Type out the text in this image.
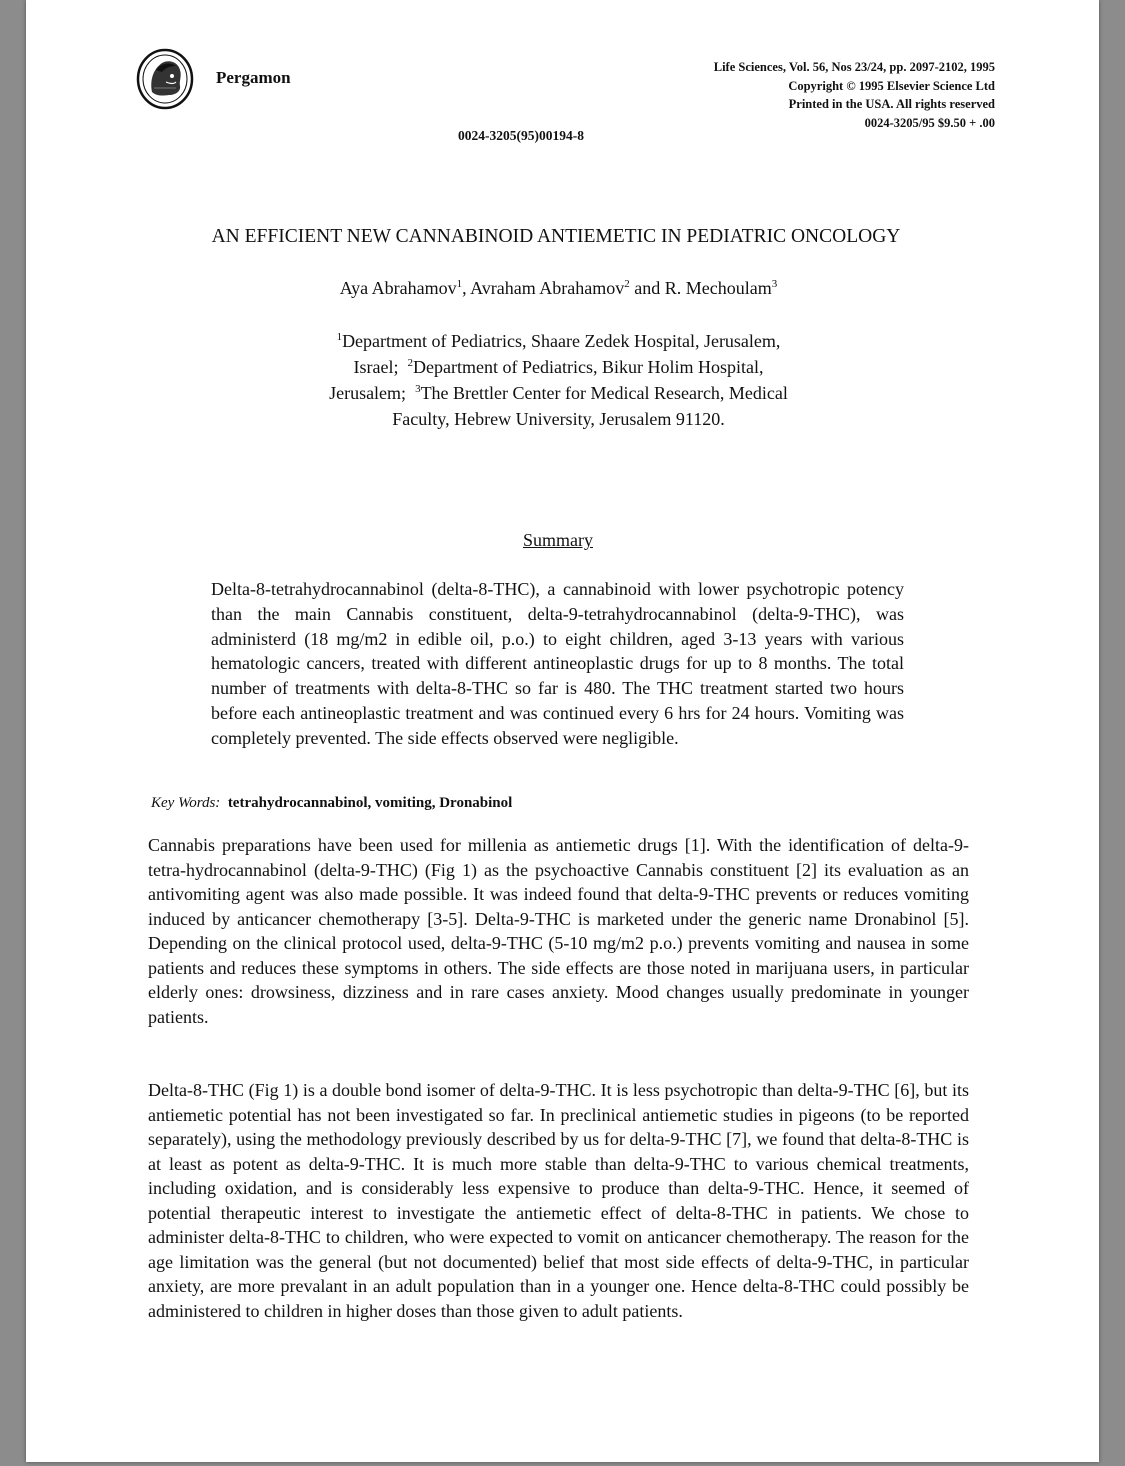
Pergamon
Life Sciences, Vol. 56, Nos 23/24, pp. 2097-2102, 1995
Copyright © 1995 Elsevier Science Ltd
Printed in the USA. All rights reserved
0024-3205/95 $9.50 + .00
0024-3205(95)00194-8
AN EFFICIENT NEW CANNABINOID ANTIEMETIC IN PEDIATRIC ONCOLOGY
Aya Abrahamov$^1$, Avraham Abrahamov$^2$ and R. Mechoulam$^3$
$^1$Department of Pediatrics, Shaare Zedek Hospital, Jerusalem,
Israel; $^2$Department of Pediatrics, Bikur Holim Hospital,
Jerusalem; $^3$The Brettler Center for Medical Research, Medical
Faculty, Hebrew University, Jerusalem 91120.
Summary
Delta-8-tetrahydrocannabinol (delta-8-THC), a cannabinoid with lower psychotropic potency than the main Cannabis constituent, delta-9-tetrahydrocannabinol (delta-9-THC), was administerd (18 mg/m2 in edible oil, p.o.) to eight children, aged 3-13 years with various hematologic cancers, treated with different antineoplastic drugs for up to 8 months. The total number of treatments with delta-8-THC so far is 480. The THC treatment started two hours before each antineoplastic treatment and was continued every 6 hrs for 24 hours. Vomiting was completely prevented. The side effects observed were negligible.
Key Words: tetrahydrocannabinol, vomiting, Dronabinol
Cannabis preparations have been used for millenia as antiemetic drugs [1]. With the identification of delta-9-tetra-hydrocannabinol (delta-9-THC) (Fig 1) as the psychoactive Cannabis constituent [2] its evaluation as an antivomiting agent was also made possible. It was indeed found that delta-9-THC prevents or reduces vomiting induced by anticancer chemotherapy [3-5]. Delta-9-THC is marketed under the generic name Dronabinol [5]. Depending on the clinical protocol used, delta-9-THC (5-10 mg/m2 p.o.) prevents vomiting and nausea in some patients and reduces these symptoms in others. The side effects are those noted in marijuana users, in particular elderly ones: drowsiness, dizziness and in rare cases anxiety. Mood changes usually predominate in younger patients.
Delta-8-THC (Fig 1) is a double bond isomer of delta-9-THC. It is less psychotropic than delta-9-THC [6], but its antiemetic potential has not been investigated so far. In preclinical antiemetic studies in pigeons (to be reported separately), using the methodology previously described by us for delta-9-THC [7], we found that delta-8-THC is at least as potent as delta-9-THC. It is much more stable than delta-9-THC to various chemical treatments, including oxidation, and is considerably less expensive to produce than delta-9-THC. Hence, it seemed of potential therapeutic interest to investigate the antiemetic effect of delta-8-THC in patients. We chose to administer delta-8-THC to children, who were expected to vomit on anticancer chemotherapy. The reason for the age limitation was the general (but not documented) belief that most side effects of delta-9-THC, in particular anxiety, are more prevalant in an adult population than in a younger one. Hence delta-8-THC could possibly be administered to children in higher doses than those given to adult patients.
